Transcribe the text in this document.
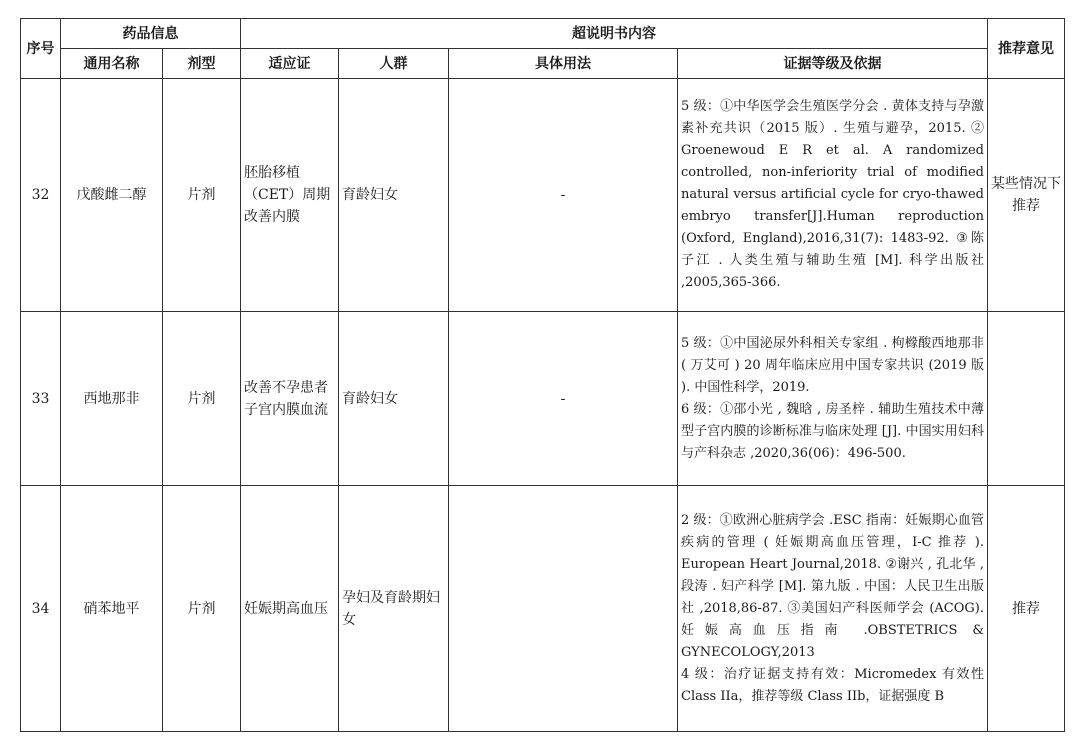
序号	药品信息		超说明书内容				推荐意见
	通用名称	剂型	适应证	人群	具体用法	证据等级及依据	
32	戊酸雌二醇	片剂	胚胎移植（CET）周期改善内膜	育龄妇女	-	5 级：①中华医学会生殖医学分会 . 黄体支持与孕激素补充共识（2015 版）. 生殖与避孕，2015. ② Groenewoud E R et al. A randomized controlled, non-inferiority trial of modified natural versus artificial cycle for cryo-thawed embryo transfer[J].Human reproduction (Oxford, England),2016,31(7): 1483-92. ③陈子江 . 人类生殖与辅助生殖 [M]. 科学出版社 ,2005,365-366.	某些情况下推荐
33	西地那非	片剂	改善不孕患者子宫内膜血流	育龄妇女	-	5 级：①中国泌尿外科相关专家组 . 枸橼酸西地那非 ( 万艾可 ) 20 周年临床应用中国专家共识 (2019 版 ). 中国性科学，2019.
6 级：①邵小光 , 魏晗 , 房圣梓 . 辅助生殖技术中薄型子宫内膜的诊断标准与临床处理 [J]. 中国实用妇科与产科杂志 ,2020,36(06)：496-500.	

34	硝苯地平	片剂	妊娠期高血压	孕妇及育龄期妇女		2 级：①欧洲心脏病学会 .ESC 指南：妊娠期心血管疾病的管理 ( 妊娠期高血压管理，I-C 推荐 ). European Heart Journal,2018. ②谢兴 , 孔北华 , 段涛 . 妇产科学 [M]. 第九版 . 中国：人民卫生出版社 ,2018,86-87. ③美国妇产科医师学会 (ACOG). 妊娠高血压指南 .OBSTETRICS & GYNECOLOGY,2013
4 级：治疗证据支持有效：Micromedex 有效性 Class IIa，推荐等级 Class IIb，证据强度 B	推荐
